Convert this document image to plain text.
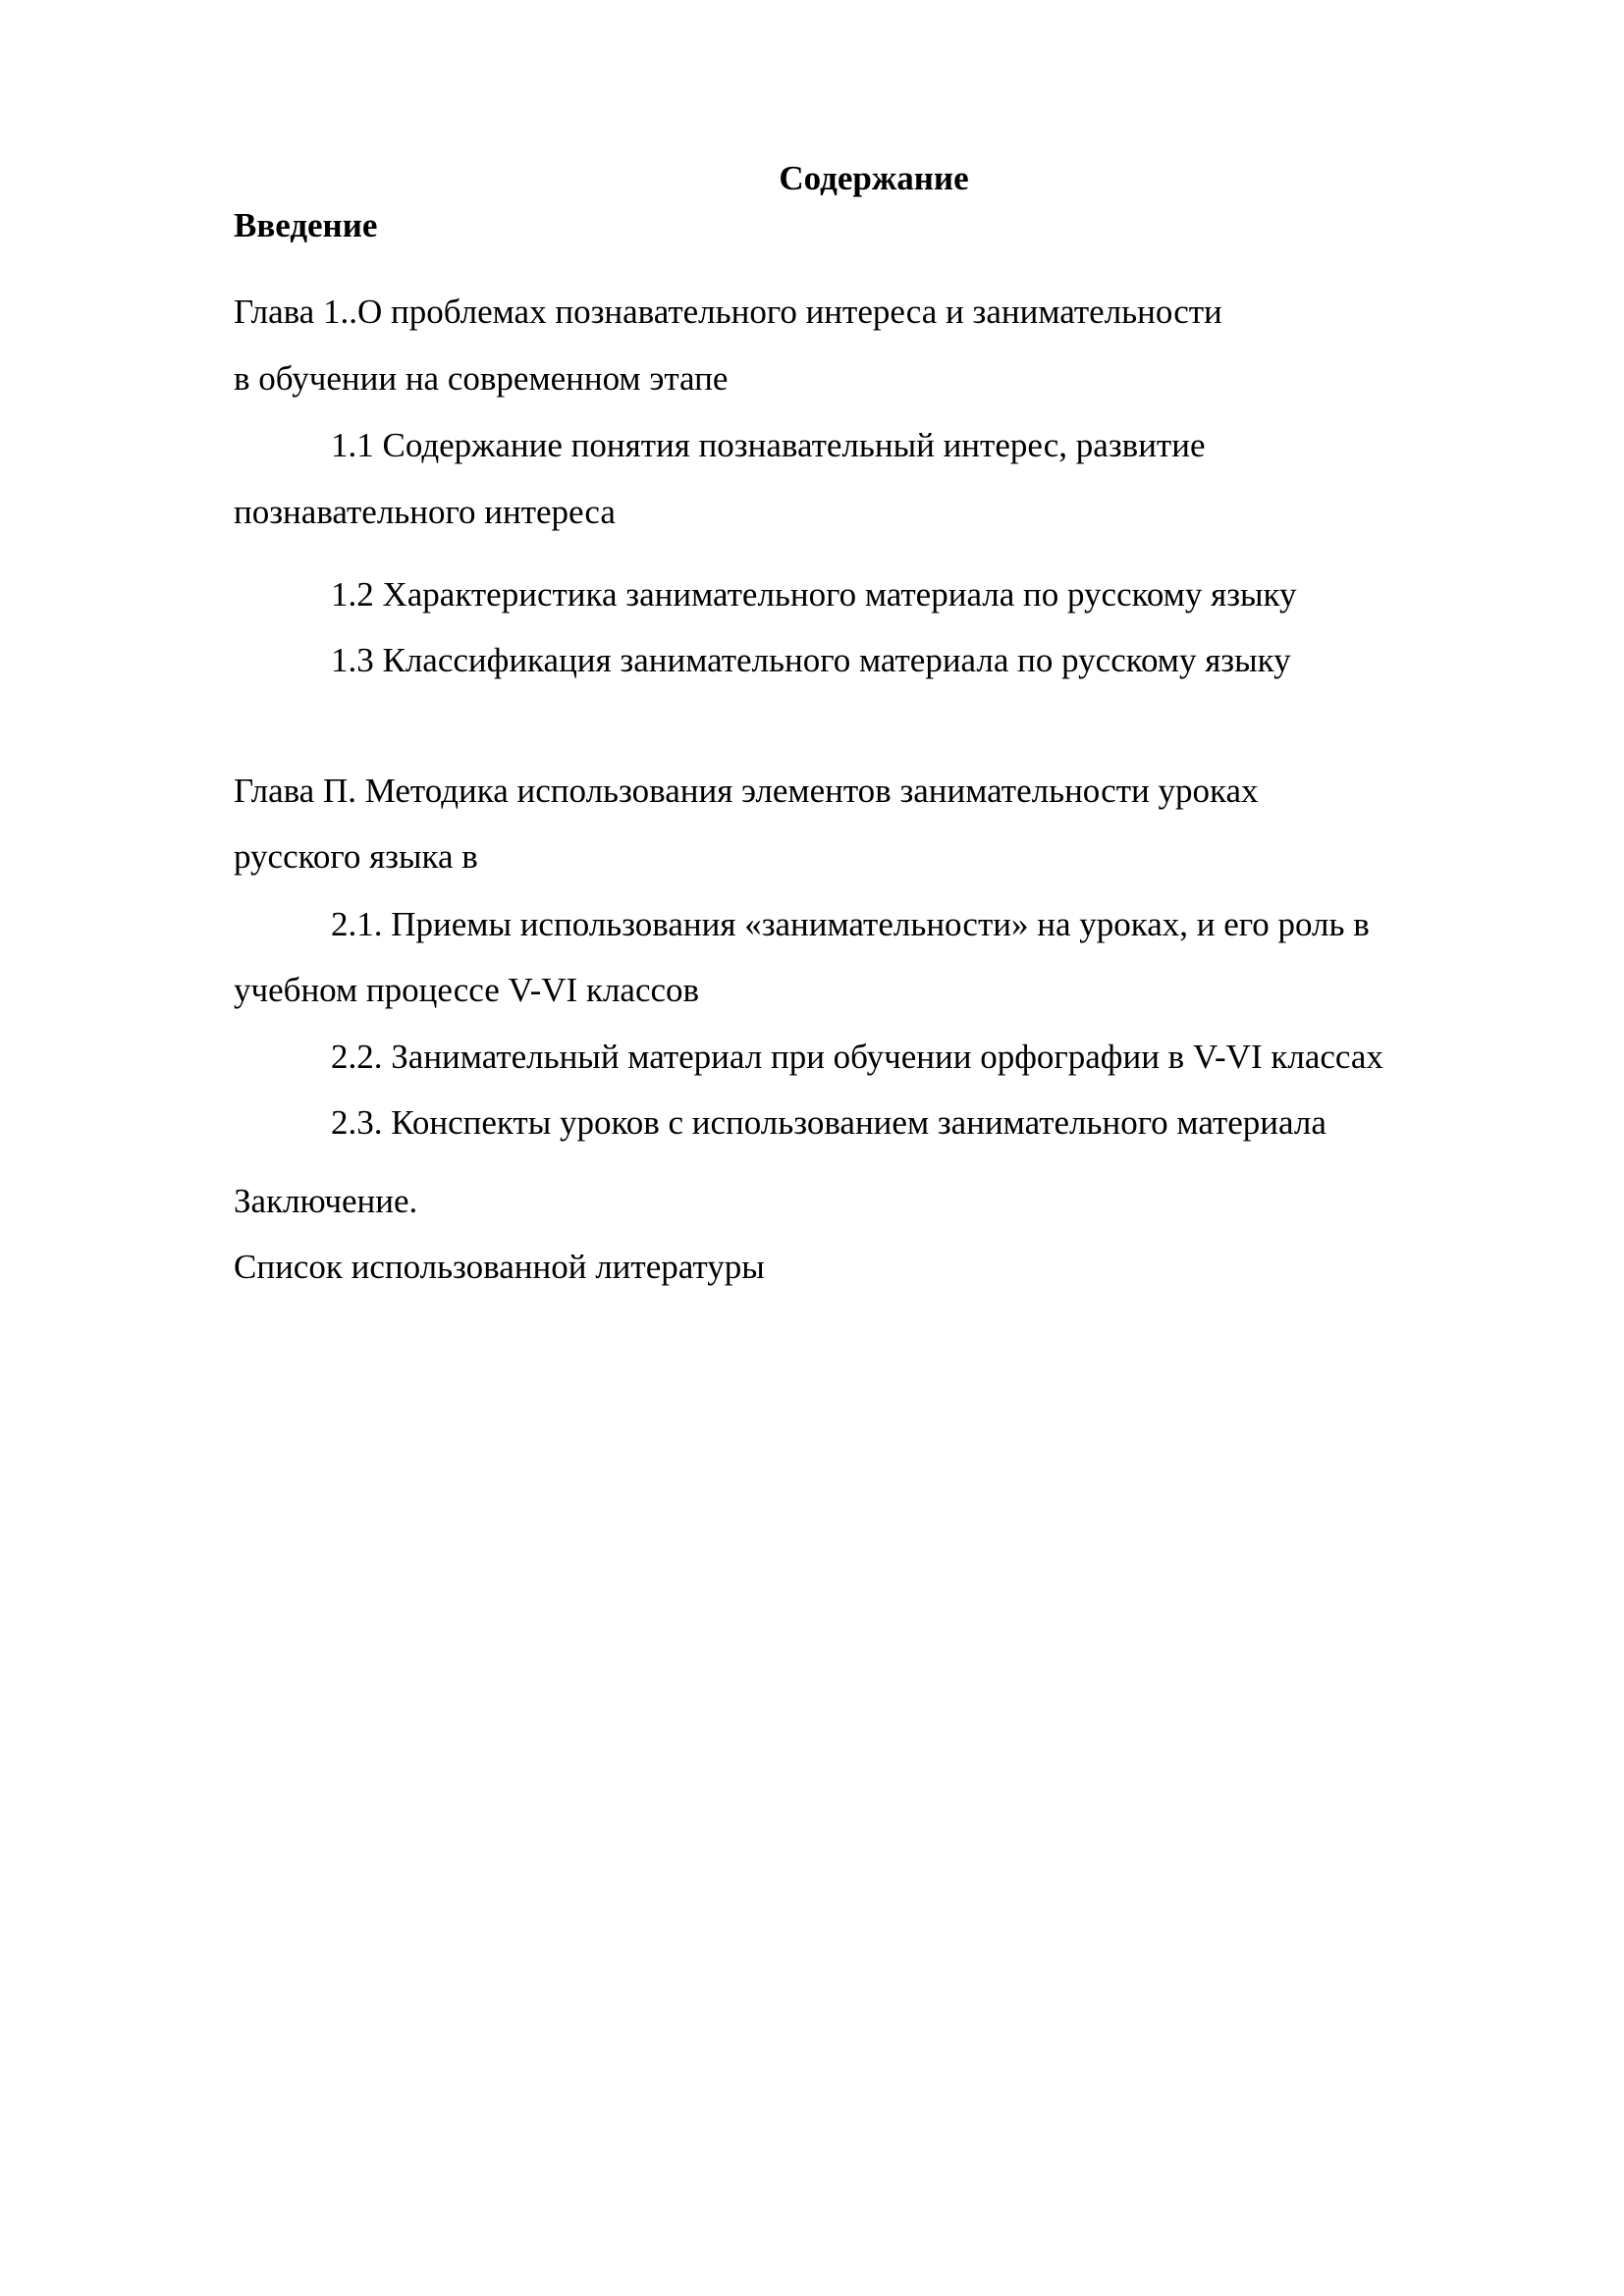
Содержание
Введение
Глава 1..О проблемах познавательного интереса и занимательности
в обучении на современном этапе
1.1 Содержание понятия познавательный интерес, развитие
познавательного интереса
1.2 Характеристика занимательного материала по русскому языку
1.3 Классификация занимательного материала по русскому языку
Глава П. Методика использования элементов занимательности уроках
русского языка в
2.1. Приемы использования «занимательности» на уроках, и его роль в
учебном процессе V-VI классов
2.2. Занимательный материал при обучении орфографии в V-VI классах
2.3. Конспекты уроков с использованием занимательного материала
Заключение.
Список использованной литературы
